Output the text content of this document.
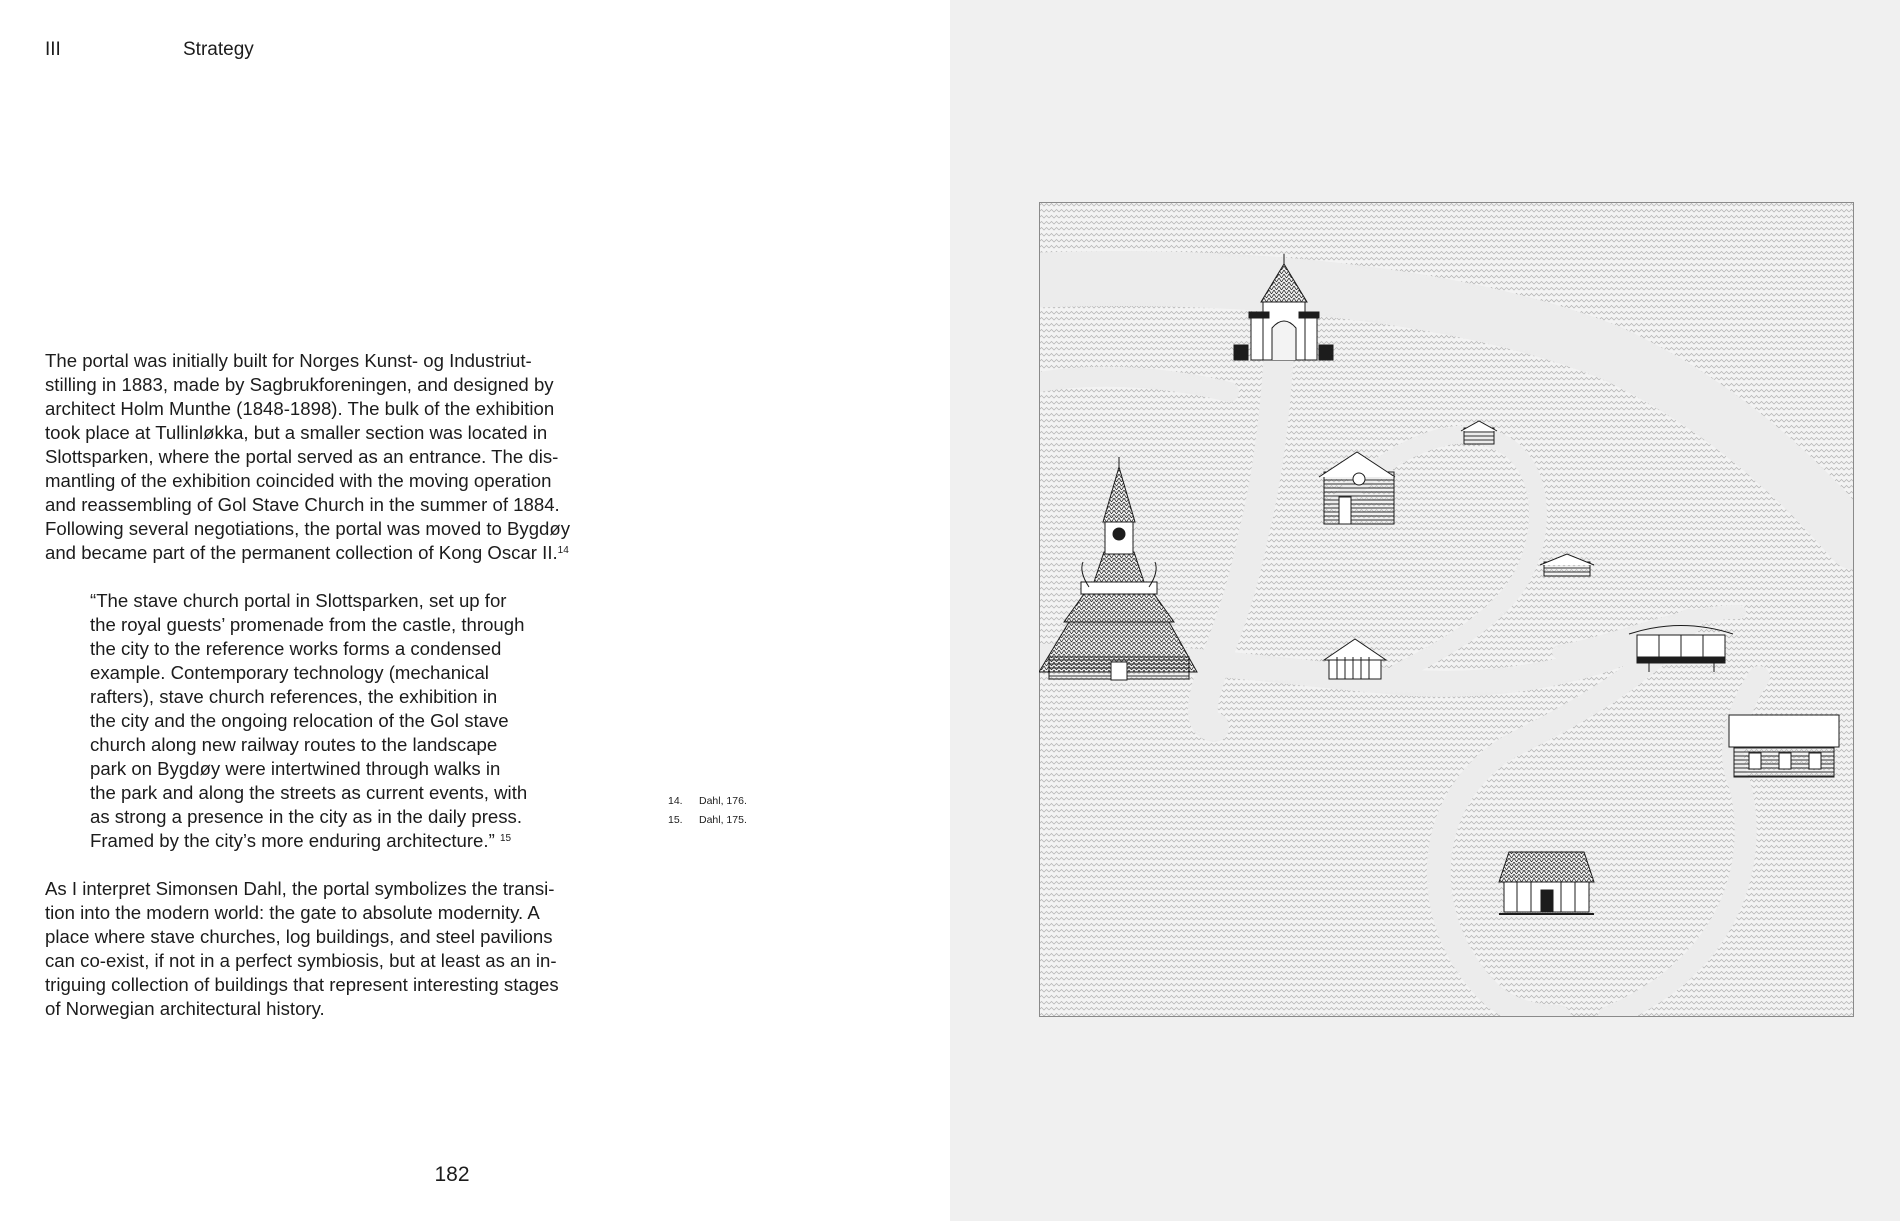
III	Strategy

The portal was initially built for Norges Kunst- og Industriut-
stilling in 1883, made by Sagbrukforeningen, and designed by
architect Holm Munthe (1848-1898). The bulk of the exhibition
took place at Tullinløkka, but a smaller section was located in
Slottsparken, where the portal served as an entrance. The dis-
mantling of the exhibition coincided with the moving operation
and reassembling of Gol Stave Church in the summer of 1884.
Following several negotiations, the portal was moved to Bygdøy
and became part of the permanent collection of Kong Oscar II.$^{14}$

“The stave church portal in Slottsparken, set up for
the royal guests’ promenade from the castle, through
the city to the reference works forms a condensed
example. Contemporary technology (mechanical
rafters), stave church references, the exhibition in
the city and the ongoing relocation of the Gol stave
church along new railway routes to the landscape
park on Bygdøy were intertwined through walks in
the park and along the streets as current events, with
as strong a presence in the city as in the daily press.
Framed by the city’s more enduring architecture.” $^{15}$

As I interpret Simonsen Dahl, the portal symbolizes the transi-
tion into the modern world: the gate to absolute modernity. A
place where stave churches, log buildings, and steel pavilions
can co-exist, if not in a perfect symbiosis, but at least as an in-
triguing collection of buildings that represent interesting stages
of Norwegian architectural history.

14.	Dahl, 176.
15.	Dahl, 175.
182
